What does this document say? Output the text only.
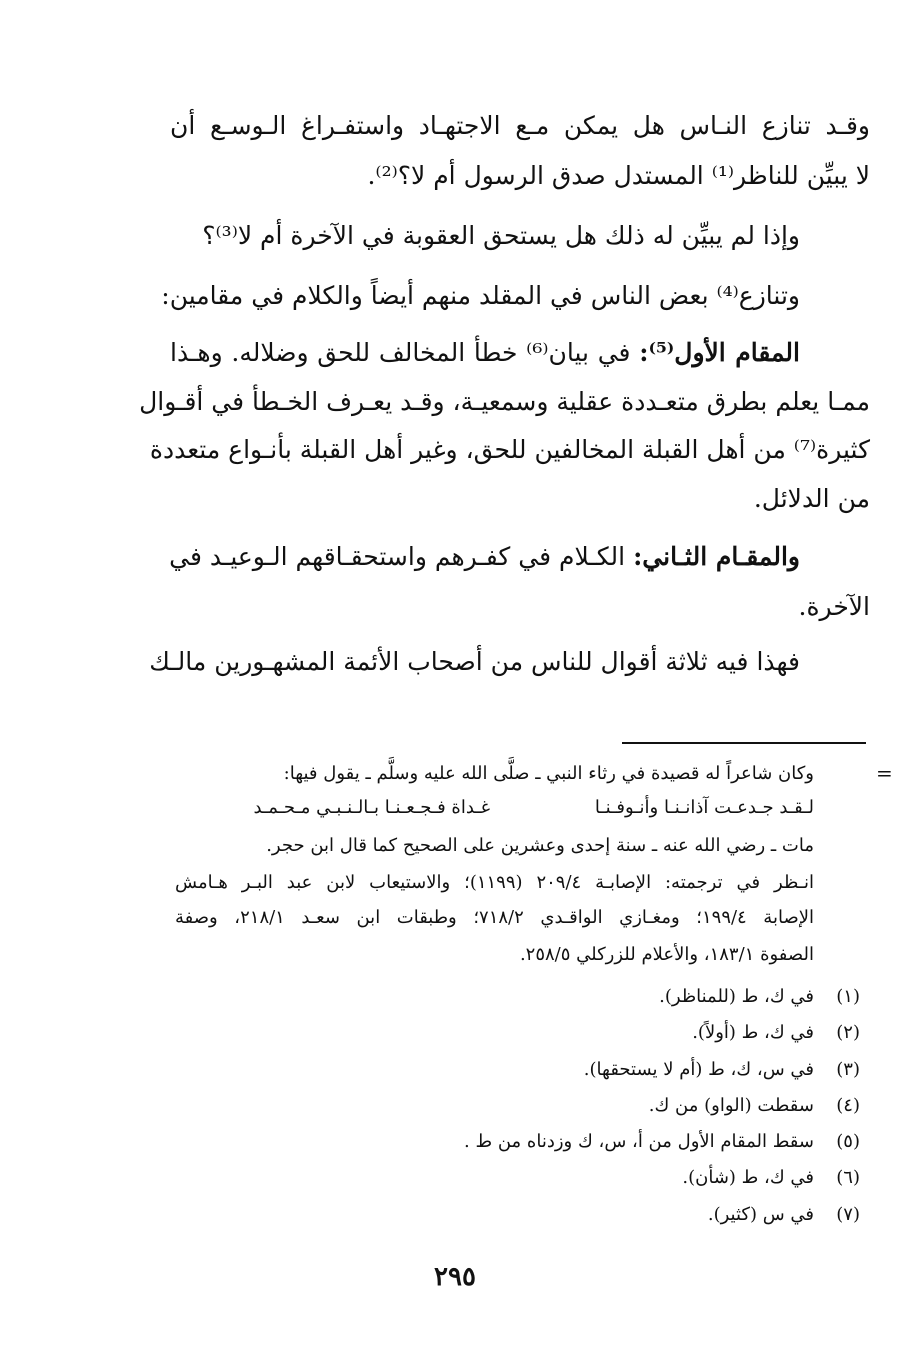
وقـد تنازع النـاس هل يمكن مـع الاجتهـاد واستفـراغ الـوسـع أن
لا يبيِّن للناظر⁽¹⁾ المستدل صدق الرسول أم لا؟⁽²⁾.
وإذا لم يبيِّن له ذلك هل يستحق العقوبة في الآخرة أم لا⁽³⁾؟
وتنازع⁽⁴⁾ بعض الناس في المقلد منهم أيضاً والكلام في مقامين:
المقام الأول⁽⁵⁾: في بيان⁽⁶⁾ خطأ المخالف للحق وضلاله. وهـذا
ممـا يعلم بطرق متعـددة عقلية وسمعيـة، وقـد يعـرف الخـطأ في أقـوال
كثيرة⁽⁷⁾ من أهل القبلة المخالفين للحق، وغير أهل القبلة بأنـواع متعددة
من الدلائل.
والمقـام الثـاني: الكـلام في كفـرهم واستحقـاقهم الـوعيـد في
الآخرة.
فهذا فيه ثلاثة أقوال للناس من أصحاب الأئمة المشهـورين مالـك
=
وكان شاعراً له قصيدة في رثاء النبي ـ صلَّى الله عليه وسلَّم ـ يقول فيها:
لـقـد جـدعـت آذانـنـا وأنـوفـنـا
غـداة فـجـعـنـا بـالـنـبـي مـحـمـد
مات ـ رضي الله عنه ـ سنة إحدى وعشرين على الصحيح كما قال ابن حجر.
انـظر في ترجمته: الإصابـة ٢٠٩/٤ (١١٩٩)؛ والاستيعاب لابن عبد البـر هـامش
الإصابة ١٩٩/٤؛ ومغـازي الواقـدي ٧١٨/٢؛ وطبقات ابن سعـد ٢١٨/١، وصفة
الصفوة ١٨٣/١، والأعلام للزركلي ٢٥٨/٥.
(١)
في ك، ط (للمناظر).
(٢)
في ك، ط (أولاً).
(٣)
في س، ك، ط (أم لا يستحقها).
(٤)
سقطت (الواو) من ك.
(٥)
سقط المقام الأول من أ، س، ك وزدناه من ط .
(٦)
في ك، ط (شأن).
(٧)
في س (كثير).
٢٩٥
